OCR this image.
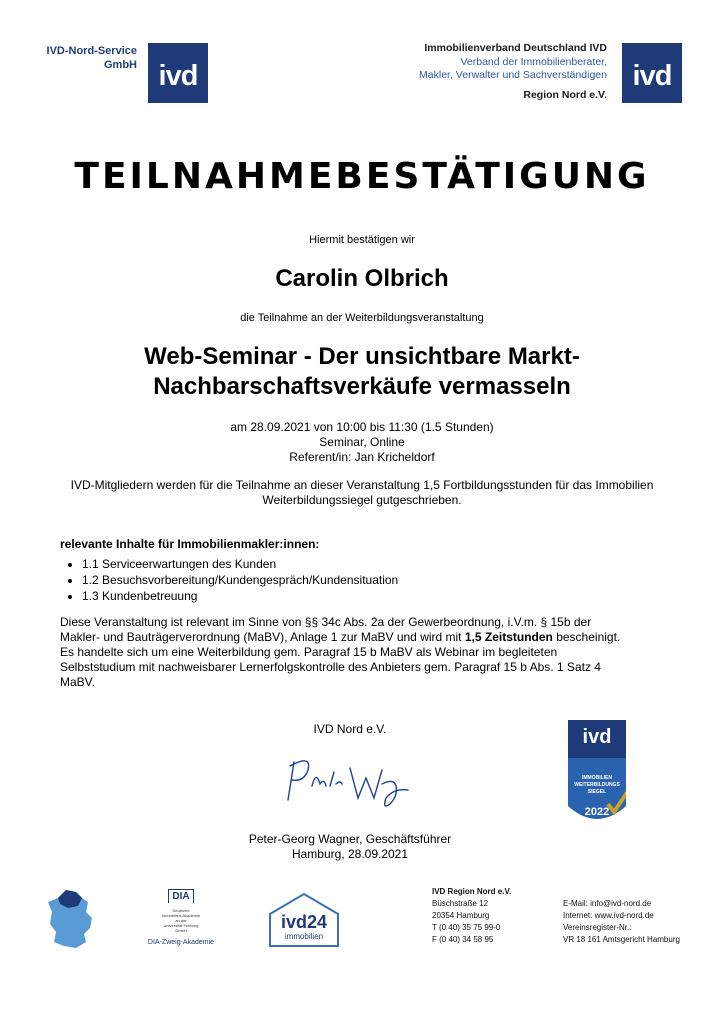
IVD-Nord-Service
GmbH ivd
Immobilienverband Deutschland IVD
Verband der Immobilienberater,
Makler, Verwalter und Sachverständigen
Region Nord e.V.
ivd
TEILNAHMEBESTÄTIGUNG
Hiermit bestätigen wir
Carolin Olbrich
die Teilnahme an der Weiterbildungsveranstaltung
Web-Seminar - Der unsichtbare Markt-
Nachbarschaftsverkäufe vermasseln
am 28.09.2021 von 10:00 bis 11:30 (1.5 Stunden)
Seminar, Online
Referent/in: Jan Kricheldorf
IVD-Mitgliedern werden für die Teilnahme an dieser Veranstaltung 1,5 Fortbildungsstunden für das Immobilien
Weiterbildungssiegel gutgeschrieben.
relevante Inhalte für Immobilienmakler:innen:
• 1.1 Serviceerwartungen des Kunden
• 1.2 Besuchsvorbereitung/Kundengespräch/Kundensituation
• 1.3 Kundenbetreuung
Diese Veranstaltung ist relevant im Sinne von §§ 34c Abs. 2a der Gewerbeordnung, i.V.m. § 15b der
Makler- und Bauträgerverordnung (MaBV), Anlage 1 zur MaBV und wird mit 1,5 Zeitstunden bescheinigt.
Es handelte sich um eine Weiterbildung gem. Paragraf 15 b MaBV als Webinar im begleiteten
Selbststudium mit nachweisbarer Lernerfolgskontrolle des Anbieters gem. Paragraf 15 b Abs. 1 Satz 4
MaBV.
IVD Nord e.V.
Peter-Georg Wagner, Geschäftsführer
Hamburg, 28.09.2021
ivd
IMMOBILIEN
WEITERBILDUNGS
SIEGEL
2022
DIA
Deutsche
Immobilien-Akademie
an der
Universität Freiburg
GmbH
DIA-Zweig-Akademie
ivd24
immobilien
IVD Region Nord e.V.
Büschstraße 12
20354 Hamburg
T (0 40) 35 75 99-0
F (0 40) 34 58 95
E-Mail: info@ivd-nord.de
Internet: www.ivd-nord.de
Vereinsregister-Nr.:
VR 18 161 Amtsgericht Hamburg
